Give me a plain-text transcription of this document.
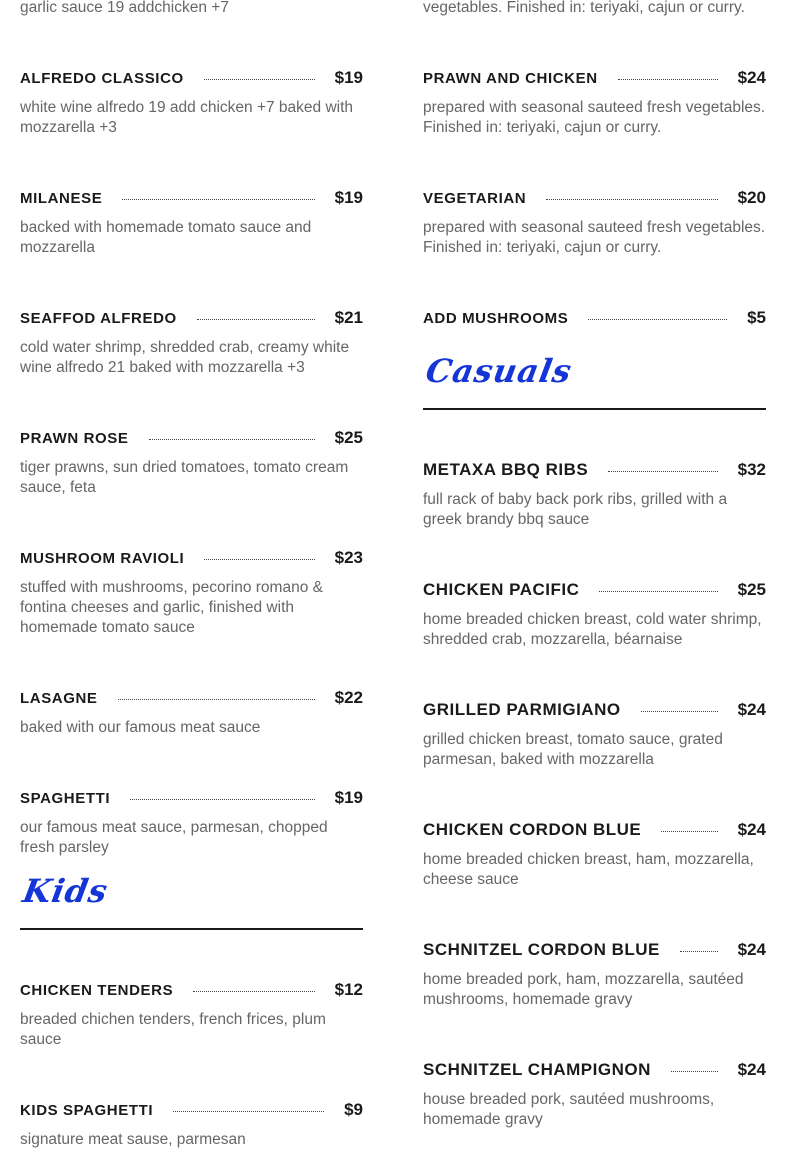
garlic sauce 19 addchicken +7
ALFREDO CLASSICO	$19
white wine alfredo 19 add chicken +7 baked with mozzarella +3
MILANESE	$19
backed with homemade tomato sauce and mozzarella
SEAFFOD ALFREDO	$21
cold water shrimp, shredded crab, creamy white wine alfredo 21 baked with mozzarella +3
PRAWN ROSE	$25
tiger prawns, sun dried tomatoes, tomato cream sauce, feta
MUSHROOM RAVIOLI	$23
stuffed with mushrooms, pecorino romano & fontina cheeses and garlic, finished with homemade tomato sauce
LASAGNE	$22
baked with our famous meat sauce
SPAGHETTI	$19
our famous meat sauce, parmesan, chopped fresh parsley
Kids
CHICKEN TENDERS	$12
breaded chichen tenders, french frices, plum sauce
KIDS SPAGHETTI	$9
signature meat sause, parmesan
vegetables. Finished in: teriyaki, cajun or curry.
PRAWN AND CHICKEN	$24
prepared with seasonal sauteed fresh vegetables. Finished in: teriyaki, cajun or curry.
VEGETARIAN	$20
prepared with seasonal sauteed fresh vegetables. Finished in: teriyaki, cajun or curry.
ADD MUSHROOMS	$5
Casuals
METAXA BBQ RIBS	$32
full rack of baby back pork ribs, grilled with a greek brandy bbq sauce
CHICKEN PACIFIC	$25
home breaded chicken breast, cold water shrimp, shredded crab, mozzarella, béarnaise
GRILLED PARMIGIANO	$24
grilled chicken breast, tomato sauce, grated parmesan, baked with mozzarella
CHICKEN CORDON BLUE	$24
home breaded chicken breast, ham, mozzarella, cheese sauce
SCHNITZEL CORDON BLUE	$24
home breaded pork, ham, mozzarella, sautéed mushrooms, homemade gravy
SCHNITZEL CHAMPIGNON	$24
house breaded pork, sautéed mushrooms, homemade gravy
